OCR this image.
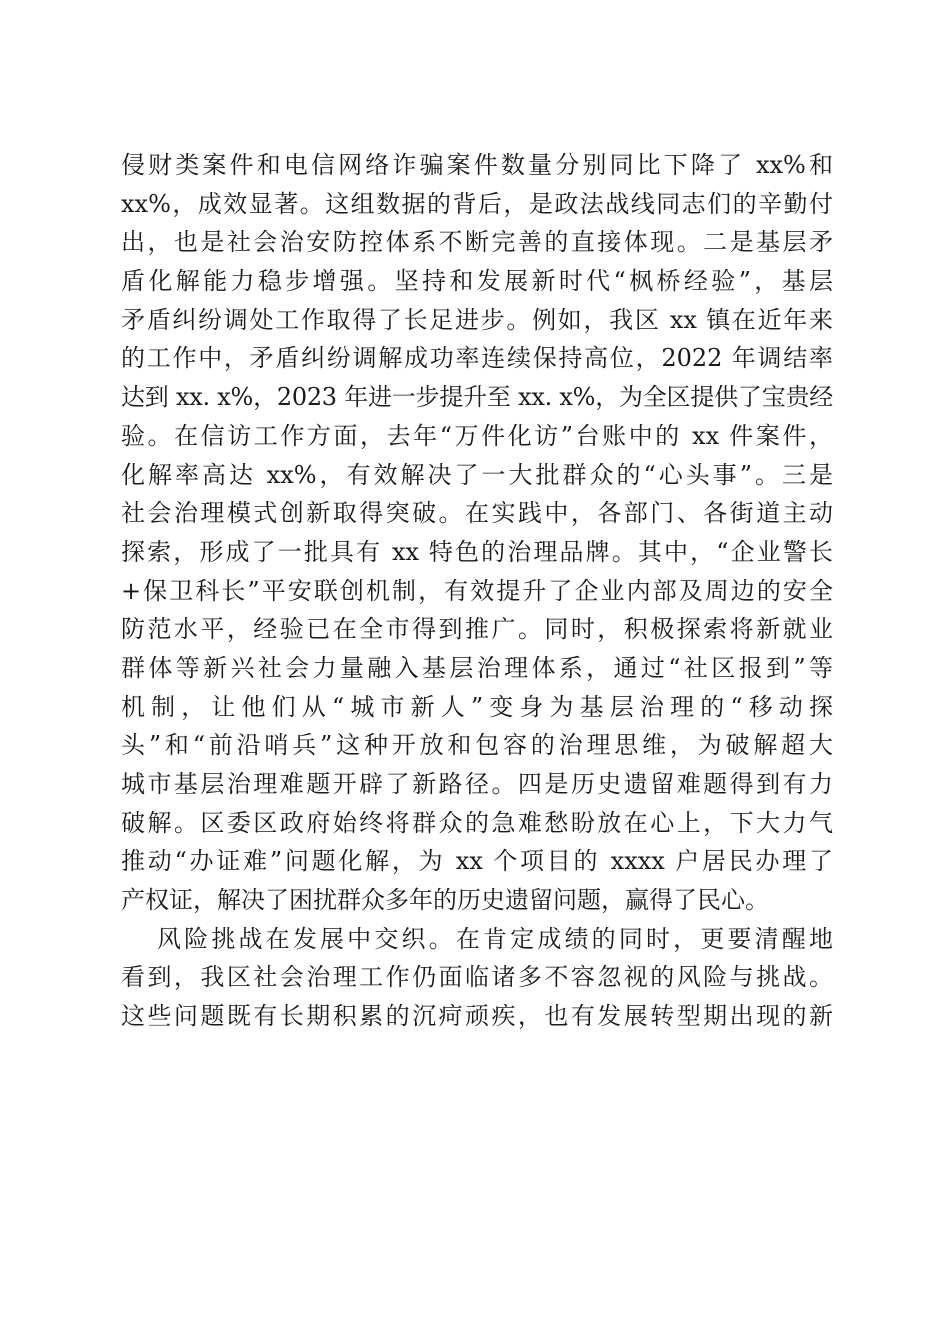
侵财类案件和电信网络诈骗案件数量分别同比下降了 xx%和
xx%，成效显著。这组数据的背后，是政法战线同志们的辛勤付
出，也是社会治安防控体系不断完善的直接体现。二是基层矛
盾化解能力稳步增强。坚持和发展新时代“枫桥经验”，基层
矛盾纠纷调处工作取得了长足进步。例如，我区 xx 镇在近年来
的工作中，矛盾纠纷调解成功率连续保持高位，2022 年调结率
达到 xx. x%，2023 年进一步提升至 xx. x%，为全区提供了宝贵经
验。在信访工作方面，去年“万件化访”台账中的 xx 件案件，
化解率高达 xx%，有效解决了一大批群众的“心头事”。三是
社会治理模式创新取得突破。在实践中，各部门、各街道主动
探索，形成了一批具有 xx 特色的治理品牌。其中，“企业警长
+保卫科长”平安联创机制，有效提升了企业内部及周边的安全
防范水平，经验已在全市得到推广。同时，积极探索将新就业
群体等新兴社会力量融入基层治理体系，通过“社区报到”等
机制，让他们从“城市新人”变身为基层治理的“移动探
头”和“前沿哨兵”这种开放和包容的治理思维，为破解超大
城市基层治理难题开辟了新路径。四是历史遗留难题得到有力
破解。区委区政府始终将群众的急难愁盼放在心上，下大力气
推动“办证难”问题化解，为 xx 个项目的 xxxx 户居民办理了
产权证，解决了困扰群众多年的历史遗留问题，赢得了民心。
风险挑战在发展中交织。在肯定成绩的同时，更要清醒地
看到，我区社会治理工作仍面临诸多不容忽视的风险与挑战。
这些问题既有长期积累的沉疴顽疾，也有发展转型期出现的新
